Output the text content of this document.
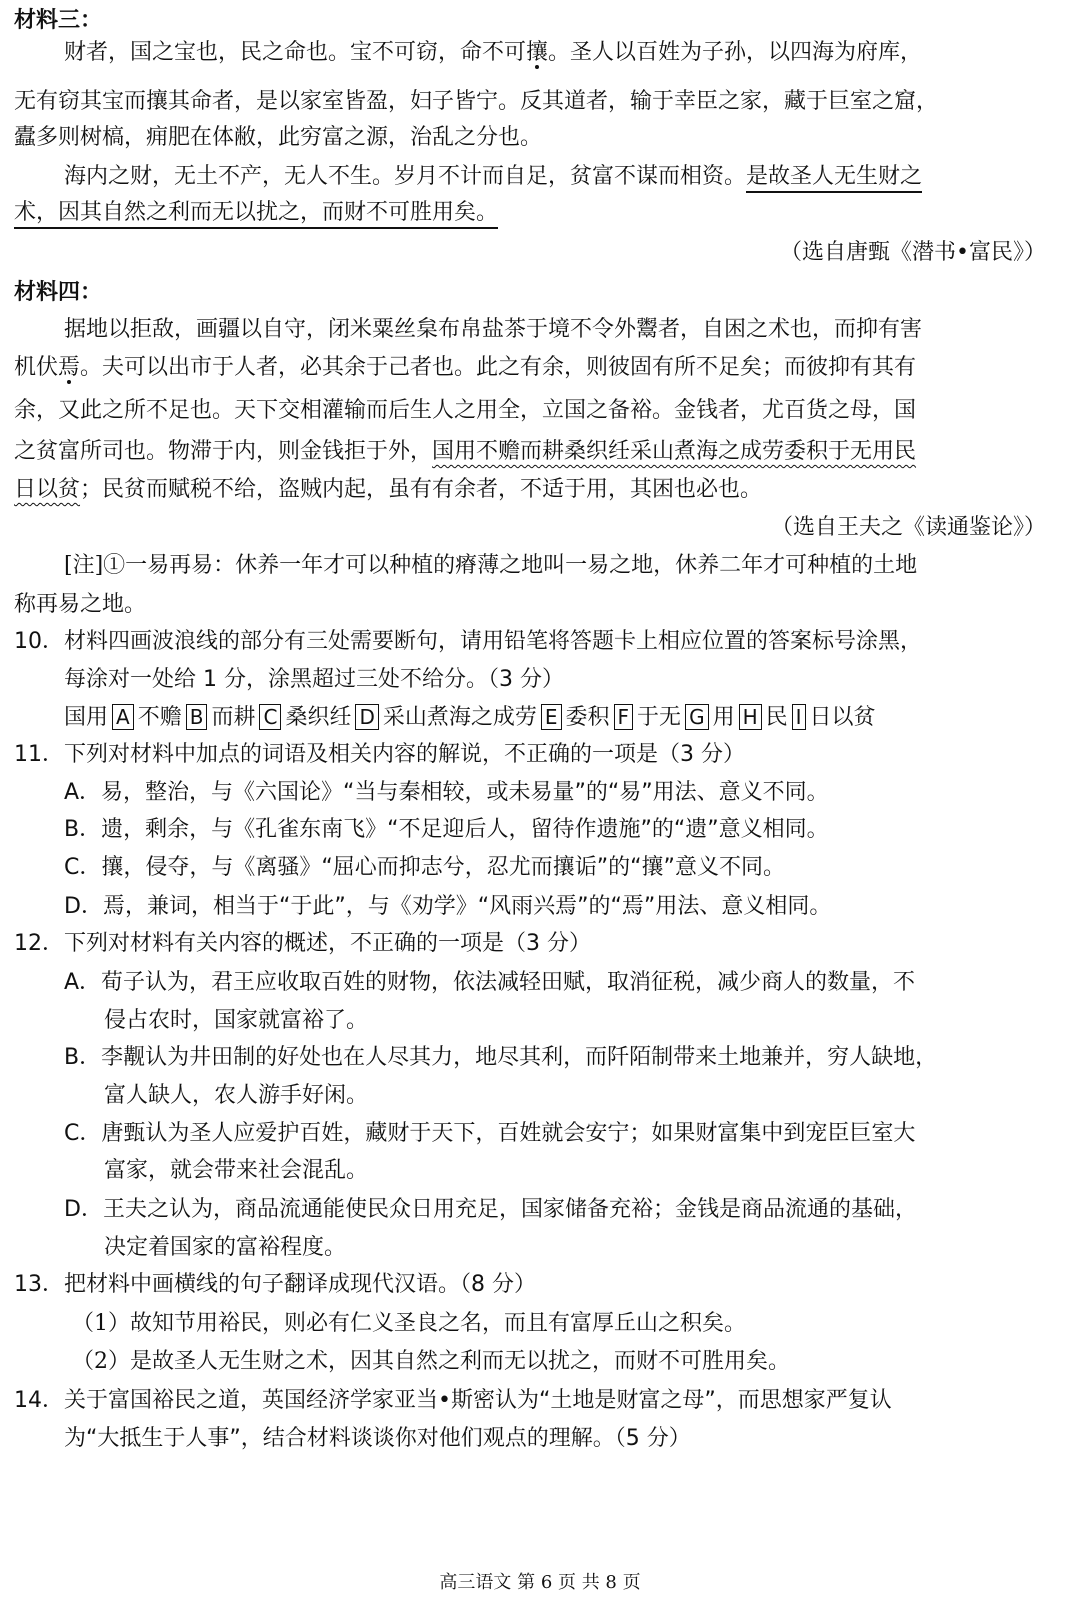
材料三：
财者，国之宝也，民之命也。宝不可窃，命不可攘。圣人以百姓为子孙，以四海为府库，
无有窃其宝而攘其命者，是以家室皆盈，妇子皆宁。反其道者，输于幸臣之家，藏于巨室之窟，
蠹多则树槁，痈肥在体敝，此穷富之源，治乱之分也。
海内之财，无土不产，无人不生。岁月不计而自足，贫富不谋而相资。是故圣人无生财之
术，因其自然之利而无以扰之，而财不可胜用矣。
（选自唐甄《潜书•富民》）
材料四：
据地以拒敌，画疆以自守，闭米粟丝枲布帛盐茶于境不令外鬻者，自困之术也，而抑有害
机伏焉。夫可以出市于人者，必其余于己者也。此之有余，则彼固有所不足矣；而彼抑有其有
余，又此之所不足也。天下交相灌输而后生人之用全，立国之备裕。金钱者，尤百货之母，国
之贫富所司也。物滞于内，则金钱拒于外，国用不赡而耕桑织纴采山煮海之成劳委积于无用民
日以贫；民贫而赋税不给，盗贼内起，虽有有余者，不适于用，其困也必也。
（选自王夫之《读通鉴论》）
[注]①一易再易：休养一年才可以种植的瘠薄之地叫一易之地，休养二年才可种植的土地
称再易之地。
10．材料四画波浪线的部分有三处需要断句，请用铅笔将答题卡上相应位置的答案标号涂黑，
每涂对一处给 1 分，涂黑超过三处不给分。（3 分）
国用 A 不赡 B 而耕 C 桑织纴 D 采山煮海之成劳 E 委积 F 于无 G 用 H 民 I 日以贫
11．下列对材料中加点的词语及相关内容的解说，不正确的一项是（3 分）
A．易，整治，与《六国论》“当与秦相较，或未易量”的“易”用法、意义不同。
B．遗，剩余，与《孔雀东南飞》“不足迎后人，留待作遗施”的“遗”意义相同。
C．攘，侵夺，与《离骚》“屈心而抑志兮，忍尤而攘诟”的“攘”意义不同。
D．焉，兼词，相当于“于此”，与《劝学》“风雨兴焉”的“焉”用法、意义相同。
12．下列对材料有关内容的概述，不正确的一项是（3 分）
A．荀子认为，君王应收取百姓的财物，依法减轻田赋，取消征税，减少商人的数量，不
侵占农时，国家就富裕了。
B．李觏认为井田制的好处也在人尽其力，地尽其利，而阡陌制带来土地兼并，穷人缺地，
富人缺人，农人游手好闲。
C．唐甄认为圣人应爱护百姓，藏财于天下，百姓就会安宁；如果财富集中到宠臣巨室大
富家，就会带来社会混乱。
D．王夫之认为，商品流通能使民众日用充足，国家储备充裕；金钱是商品流通的基础，
决定着国家的富裕程度。
13．把材料中画横线的句子翻译成现代汉语。（8 分）
（1）故知节用裕民，则必有仁义圣良之名，而且有富厚丘山之积矣。
（2）是故圣人无生财之术，因其自然之利而无以扰之，而财不可胜用矣。
14．关于富国裕民之道，英国经济学家亚当•斯密认为“土地是财富之母”，而思想家严复认
为“大抵生于人事”，结合材料谈谈你对他们观点的理解。（5 分）
高三语文 第 6 页 共 8 页
